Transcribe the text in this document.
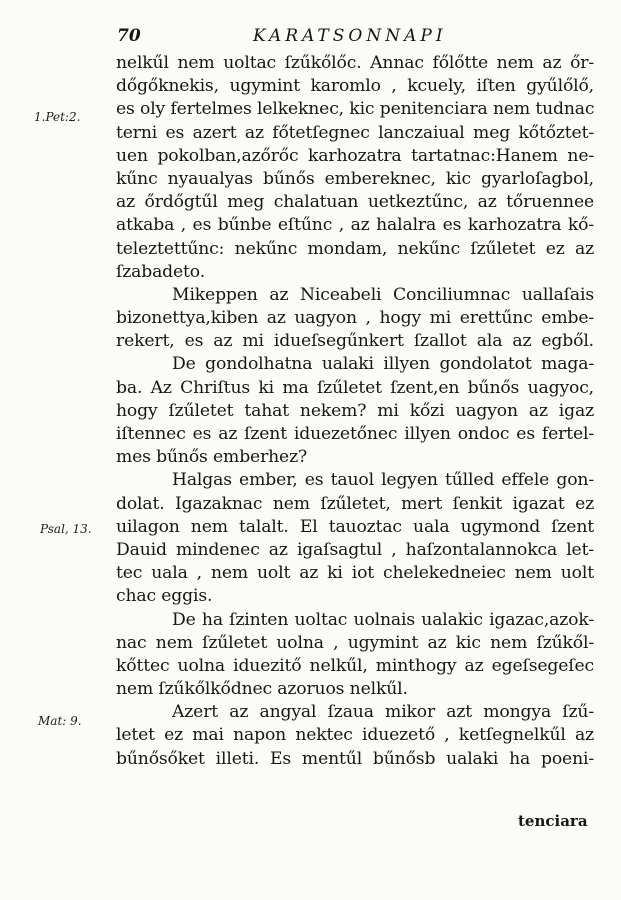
70	KARATSONNAPI
1.Pet:2.
Psal, 13.
Mat: 9.
nelkűl nem uoltac ſzűkőlőc. Annac főlőtte nem az őr-
dőgőknekis, ugymint karomlo , kcuely, iſten gyűlőlő,
es oly fertelmes lelkeknec, kic penitenciara nem tudnac
terni es azert az főtetſegnec lanczaiual meg kőtőztet-
uen pokolban,azőrőc karhozatra tartatnac:Hanem ne-
kűnc nyaualyas bűnős embereknec, kic gyarloſagbol,
az őrdőgtűl meg chalatuan uetkeztűnc, az tőruennee
atkaba , es bűnbe eſtűnc , az halalra es karhozatra kő-
teleztettűnc: nekűnc mondam, nekűnc ſzűletet ez az
ſzabadeto.
Mikeppen az Niceabeli Conciliumnac uallaſais
bizonettya,kiben az uagyon , hogy mi erettűnc embe-
rekert, es az mi idueſsegűnkert ſzallot ala az egből.
De gondolhatna ualaki illyen gondolatot maga-
ba. Az Chriſtus ki ma ſzűletet ſzent,en bűnős uagyoc,
hogy ſzűletet tahat nekem? mi kőzi uagyon az igaz
iſtennec es az ſzent iduezetőnec illyen ondoc es fertel-
mes bűnős emberhez?
Halgas ember, es tauol legyen tűlled effele gon-
dolat. Igazaknac nem ſzűletet, mert ſenkit igazat ez
uilagon nem talalt. El tauoztac uala ugymond ſzent
Dauid mindenec az igaſsagtul , haſzontalannokca let-
tec uala , nem uolt az ki iot chelekedneiec nem uolt
chac eggis.
De ha ſzinten uoltac uolnais ualakic igazac,azok-
nac nem ſzűletet uolna , ugymint az kic nem ſzűkől-
kőttec uolna iduezitő nelkűl, minthogy az egeſsegeſec
nem ſzűkőlkődnec azoruos nelkűl.
Azert az angyal ſzaua mikor azt mongya ſzű-
letet ez mai napon nektec iduezető , ketſegnelkűl az
bűnősőket illeti. Es mentűl bűnősb ualaki ha poeni-
tenciara
